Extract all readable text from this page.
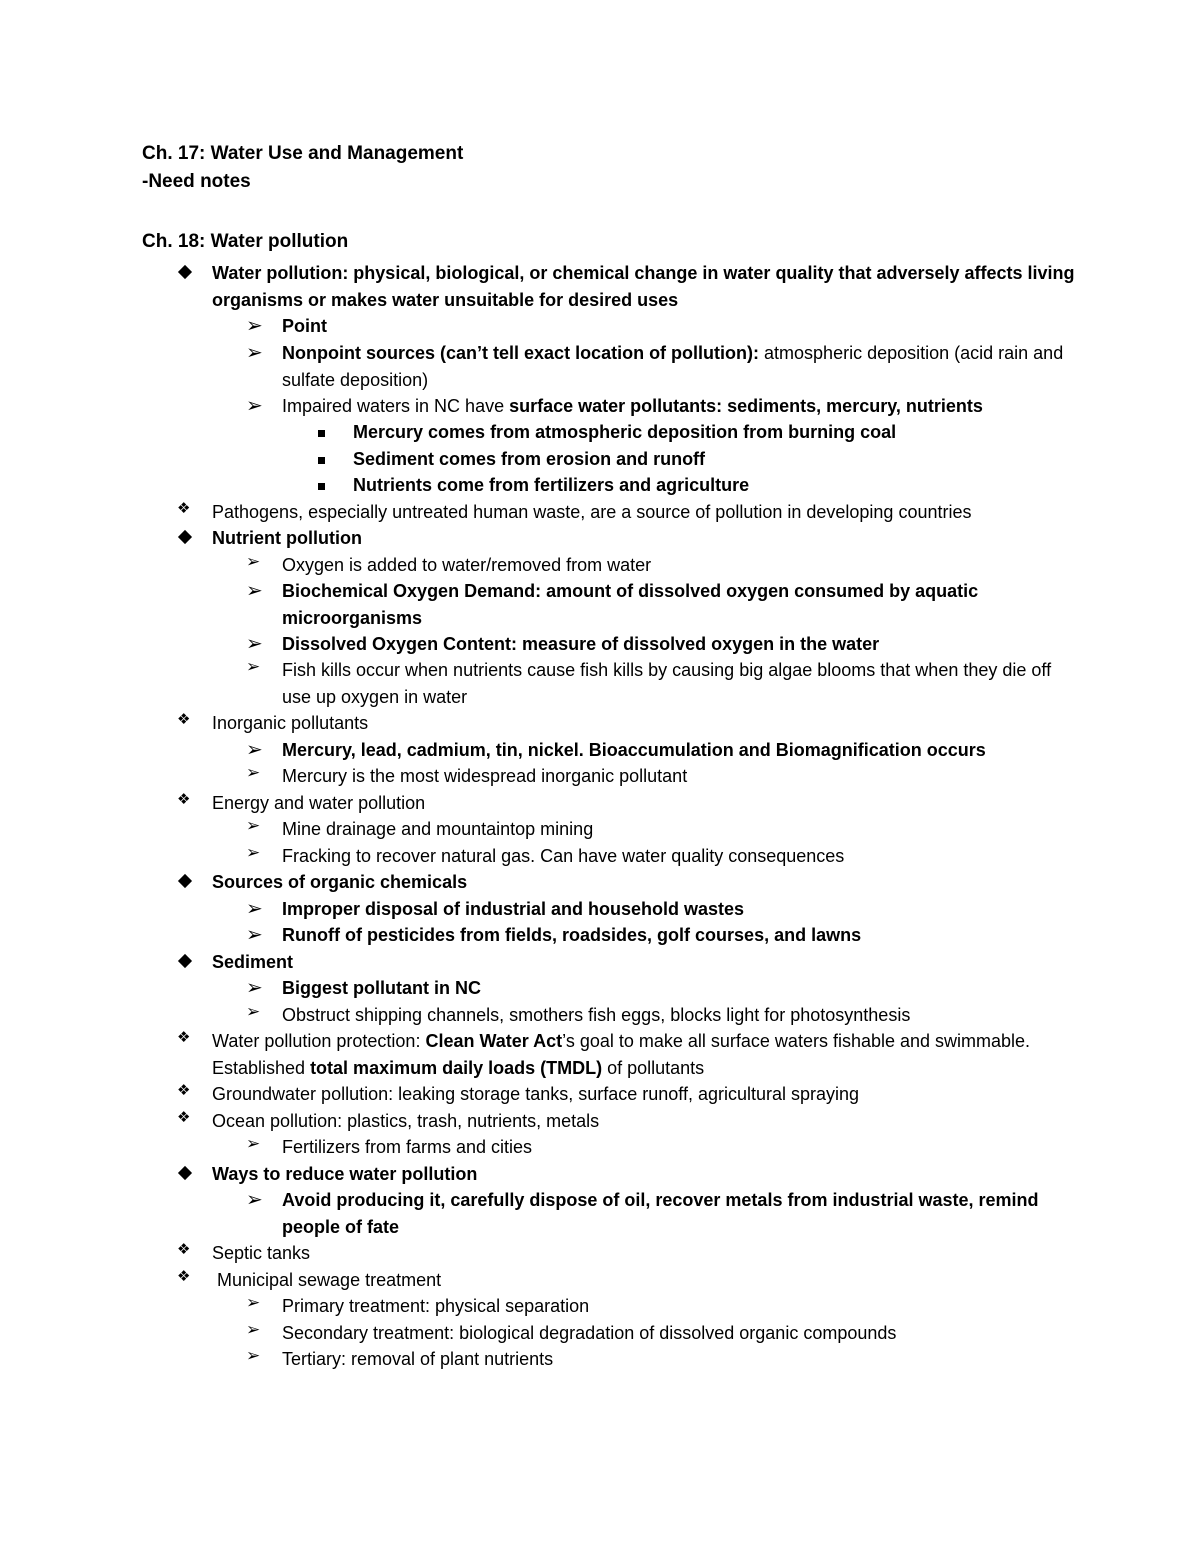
Ch. 17: Water Use and Management
-Need notes
Ch. 18: Water pollution
Water pollution: physical, biological, or chemical change in water quality that adversely affects living organisms or makes water unsuitable for desired uses
➢
Point
➢
Nonpoint sources (can’t tell exact location of pollution): atmospheric deposition (acid rain and sulfate deposition)
➢
Impaired waters in NC have surface water pollutants: sediments, mercury, nutrients
Mercury comes from atmospheric deposition from burning coal
Sediment comes from erosion and runoff
Nutrients come from fertilizers and agriculture
❖
Pathogens, especially untreated human waste, are a source of pollution in developing countries
Nutrient pollution
➢
Oxygen is added to water/removed from water
➢
Biochemical Oxygen Demand: amount of dissolved oxygen consumed by aquatic microorganisms
➢
Dissolved Oxygen Content: measure of dissolved oxygen in the water
➢
Fish kills occur when nutrients cause fish kills by causing big algae blooms that when they die off use up oxygen in water
❖
Inorganic pollutants
➢
Mercury, lead, cadmium, tin, nickel. Bioaccumulation and Biomagnification occurs
➢
Mercury is the most widespread inorganic pollutant
❖
Energy and water pollution
➢
Mine drainage and mountaintop mining
➢
Fracking to recover natural gas. Can have water quality consequences
Sources of organic chemicals
➢
Improper disposal of industrial and household wastes
➢
Runoff of pesticides from fields, roadsides, golf courses, and lawns
Sediment
➢
Biggest pollutant in NC
➢
Obstruct shipping channels, smothers fish eggs, blocks light for photosynthesis
❖
Water pollution protection: Clean Water Act’s goal to make all surface waters fishable and swimmable. Established total maximum daily loads (TMDL) of pollutants
❖
Groundwater pollution: leaking storage tanks, surface runoff, agricultural spraying
❖
Ocean pollution: plastics, trash, nutrients, metals
➢
Fertilizers from farms and cities
Ways to reduce water pollution
➢
Avoid producing it, carefully dispose of oil, recover metals from industrial waste, remind people of fate
❖
Septic tanks
❖
Municipal sewage treatment
➢
Primary treatment: physical separation
➢
Secondary treatment: biological degradation of dissolved organic compounds
➢
Tertiary: removal of plant nutrients
